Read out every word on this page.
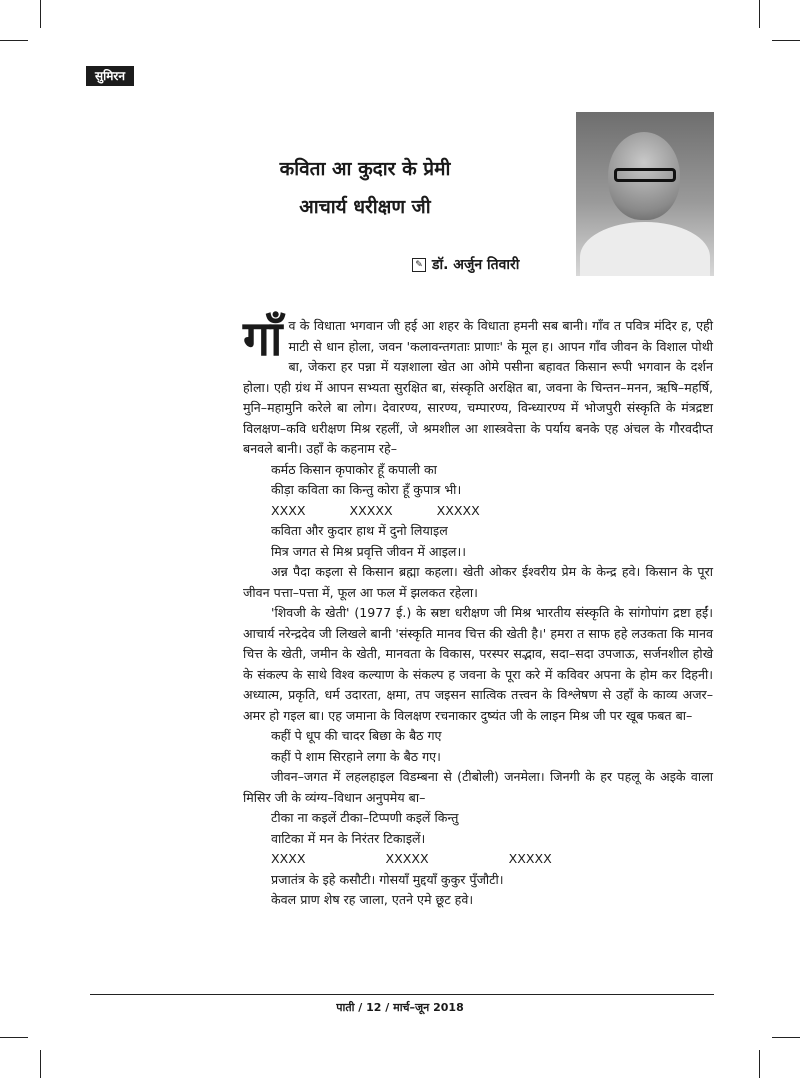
सुमिरन
कविता आ कुदार के प्रेमी
आचार्य धरीक्षण जी
✎ डॉ. अर्जुन तिवारी

गाँ व के विधाता भगवान जी हई आ शहर के विधाता हमनी सब बानी। गाँव त पवित्र मंदिर ह, एही माटी से धान होला, जवन 'कलावन्तगताः प्राणाः' के मूल ह। आपन गाँव जीवन के विशाल पोथी बा, जेकरा हर पन्ना में यज्ञशाला खेत आ ओमे पसीना बहावत किसान रूपी भगवान के दर्शन होला। एही ग्रंथ में आपन सभ्यता सुरक्षित बा, संस्कृति अरक्षित बा, जवना के चिन्तन–मनन, ऋषि–महर्षि, मुनि–महामुनि करेले बा लोग। देवारण्य, सारण्य, चम्पारण्य, विन्ध्यारण्य में भोजपुरी संस्कृति के मंत्रद्रष्टा विलक्षण–कवि धरीक्षण मिश्र रहलीं, जे श्रमशील आ शास्त्रवेत्ता के पर्याय बनके एह अंचल के गौरवदीप्त बनवले बानी। उहाँ के कहनाम रहे–

कर्मठ किसान कृपाकोर हूँ कपाली का
कीड़ा कविता का किन्तु कोरा हूँ कुपात्र भी।
XXXX	XXXXX	XXXXX
कविता और कुदार हाथ में दुनो लियाइल
मित्र जगत से मिश्र प्रवृत्ति जीवन में आइल।।

अन्न पैदा कइला से किसान ब्रह्मा कहला। खेती ओकर ईश्वरीय प्रेम के केन्द्र हवे। किसान के पूरा जीवन पत्ता–पत्ता में, फूल आ फल में झलकत रहेला।

'शिवजी के खेती' (1977 ई.) के स्रष्टा धरीक्षण जी मिश्र भारतीय संस्कृति के सांगोपांग द्रष्टा हईं। आचार्य नरेन्द्रदेव जी लिखले बानी 'संस्कृति मानव चित्त की खेती है।' हमरा त साफ हहे लउकता कि मानव चित्त के खेती, जमीन के खेती, मानवता के विकास, परस्पर सद्भाव, सदा–सदा उपजाऊ, सर्जनशील होखे के संकल्प के साथे विश्व कल्याण के संकल्प ह जवना के पूरा करे में कविवर अपना के होम कर दिहनी। अध्यात्म, प्रकृति, धर्म उदारता, क्षमा, तप जइसन सात्विक तत्त्वन के विश्लेषण से उहाँ के काव्य अजर–अमर हो गइल बा। एह जमाना के विलक्षण रचनाकार दुष्यंत जी के लाइन मिश्र जी पर खूब फबत बा–

कहीं पे धूप की चादर बिछा के बैठ गए
कहीं पे शाम सिरहाने लगा के बैठ गए।

जीवन–जगत में लहलहाइल विडम्बना से (टीबोली) जनमेला। जिनगी के हर पहलू के अइके वाला मिसिर जी के व्यंग्य–विधान अनुपमेय बा–

टीका ना कइलें टीका–टिप्पणी कइलें किन्तु
वाटिका में मन के निरंतर टिकाइलें।
XXXX	XXXXX	XXXXX
प्रजातंत्र के इहे कसौटी। गोसयाँ मुद्दयाँ कुकुर पुँजौटी।
केवल प्राण शेष रह जाला, एतने एमे छूट हवे।
पाती / 12 / मार्च–जून 2018
